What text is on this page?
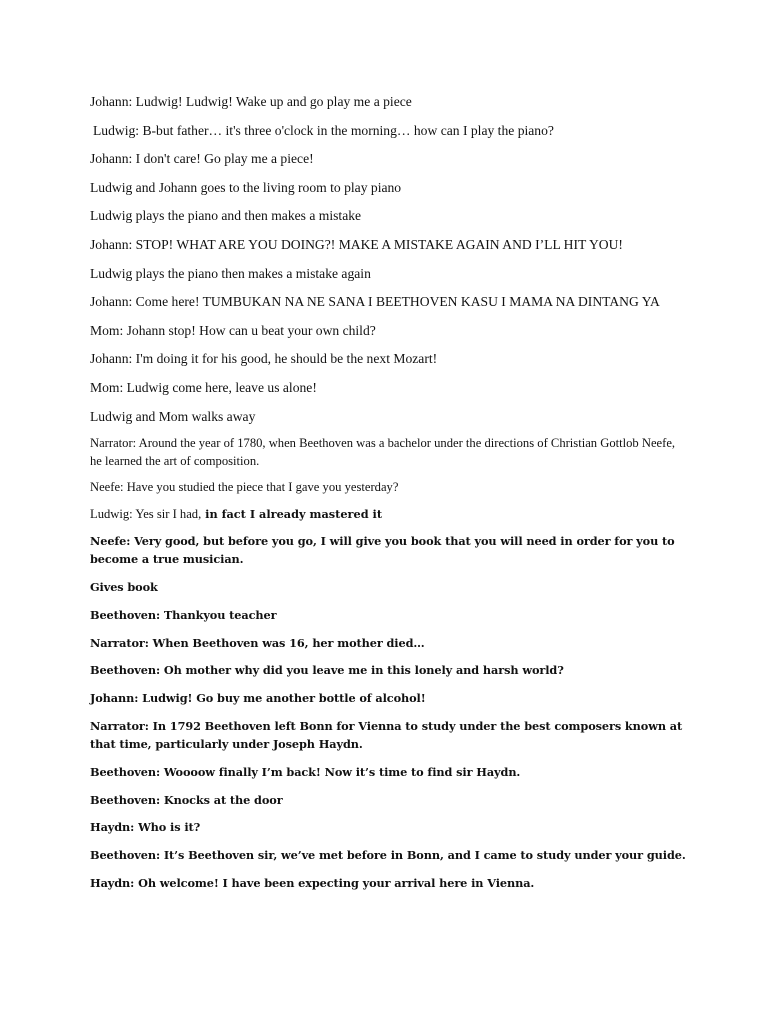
Johann: Ludwig! Ludwig! Wake up and go play me a piece

Ludwig: B-but father… it's three o'clock in the morning… how can I play the piano?

Johann: I don't care! Go play me a piece!

Ludwig and Johann goes to the living room to play piano

Ludwig plays the piano and then makes a mistake

Johann: STOP! WHAT ARE YOU DOING?! MAKE A MISTAKE AGAIN AND I’LL HIT YOU!

Ludwig plays the piano then makes a mistake again

Johann: Come here! TUMBUKAN NA NE SANA I BEETHOVEN KASU I MAMA NA DINTANG YA

Mom: Johann stop! How can u beat your own child?

Johann: I'm doing it for his good, he should be the next Mozart!

Mom: Ludwig come here, leave us alone!

Ludwig and Mom walks away

Narrator: Around the year of 1780, when Beethoven was a bachelor under the directions of Christian Gottlob Neefe, he learned the art of composition.

Neefe: Have you studied the piece that I gave you yesterday?

Ludwig: Yes sir I had, in fact I already mastered it

Neefe: Very good, but before you go, I will give you book that you will need in order for you to become a true musician.

Gives book

Beethoven: Thankyou teacher

Narrator: When Beethoven was 16, her mother died…

Beethoven: Oh mother why did you leave me in this lonely and harsh world?

Johann: Ludwig! Go buy me another bottle of alcohol!

Narrator: In 1792 Beethoven left Bonn for Vienna to study under the best composers known at that time, particularly under Joseph Haydn.

Beethoven: Woooow finally I’m back! Now it’s time to find sir Haydn.

Beethoven: Knocks at the door

Haydn: Who is it?

Beethoven: It’s Beethoven sir, we’ve met before in Bonn, and I came to study under your guide.

Haydn: Oh welcome! I have been expecting your arrival here in Vienna.
